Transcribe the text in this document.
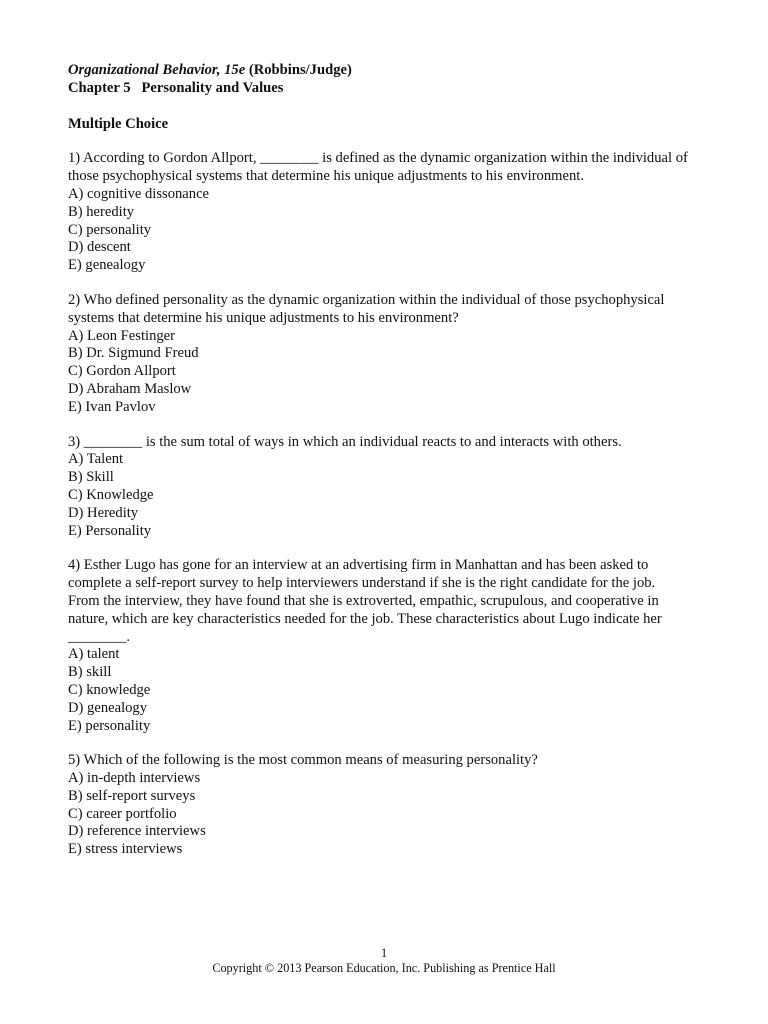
Organizational Behavior, 15e (Robbins/Judge)
Chapter 5   Personality and Values
Multiple Choice
1) According to Gordon Allport, ________ is defined as the dynamic organization within the individual of those psychophysical systems that determine his unique adjustments to his environment.
A) cognitive dissonance
B) heredity
C) personality
D) descent
E) genealogy
2) Who defined personality as the dynamic organization within the individual of those psychophysical systems that determine his unique adjustments to his environment?
A) Leon Festinger
B) Dr. Sigmund Freud
C) Gordon Allport
D) Abraham Maslow
E) Ivan Pavlov
3) ________ is the sum total of ways in which an individual reacts to and interacts with others.
A) Talent
B) Skill
C) Knowledge
D) Heredity
E) Personality
4) Esther Lugo has gone for an interview at an advertising firm in Manhattan and has been asked to complete a self-report survey to help interviewers understand if she is the right candidate for the job. From the interview, they have found that she is extroverted, empathic, scrupulous, and cooperative in nature, which are key characteristics needed for the job. These characteristics about Lugo indicate her ________.
A) talent
B) skill
C) knowledge
D) genealogy
E) personality
5) Which of the following is the most common means of measuring personality?
A) in-depth interviews
B) self-report surveys
C) career portfolio
D) reference interviews
E) stress interviews
1
Copyright © 2013 Pearson Education, Inc. Publishing as Prentice Hall
